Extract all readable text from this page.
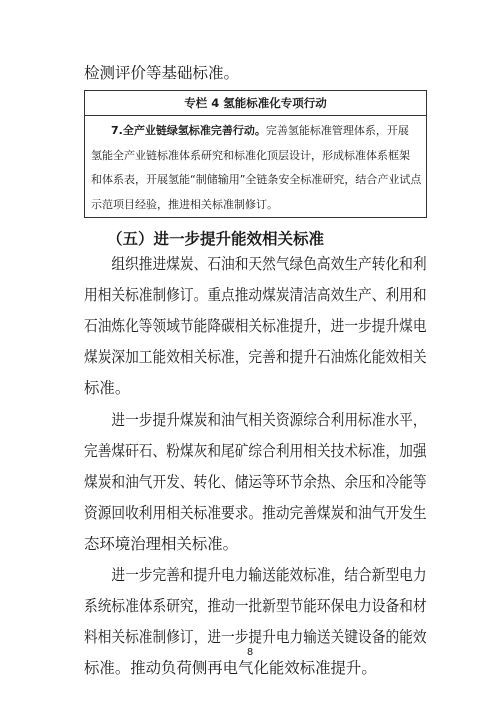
检测评价等基础标准。
专栏 4 氢能标准化专项行动
7.全产业链绿氢标准完善行动。完善氢能标准管理体系，开展
氢能全产业链标准体系研究和标准化顶层设计，形成标准体系框架
和体系表，开展氢能“制储输用”全链条安全标准研究，结合产业试点
示范项目经验，推进相关标准制修订。
（五）进一步提升能效相关标准
组织推进煤炭、石油和天然气绿色高效生产转化和利
用相关标准制修订。重点推动煤炭清洁高效生产、利用和
石油炼化等领域节能降碳相关标准提升，进一步提升煤电
煤炭深加工能效相关标准，完善和提升石油炼化能效相关
标准。
进一步提升煤炭和油气相关资源综合利用标准水平，
完善煤矸石、粉煤灰和尾矿综合利用相关技术标准，加强
煤炭和油气开发、转化、储运等环节余热、余压和冷能等
资源回收利用相关标准要求。推动完善煤炭和油气开发生
态环境治理相关标准。
进一步完善和提升电力输送能效标准，结合新型电力
系统标准体系研究，推动一批新型节能环保电力设备和材
料相关标准制修订，进一步提升电力输送关键设备的能效
标准。推动负荷侧再电气化能效标准提升。
8
